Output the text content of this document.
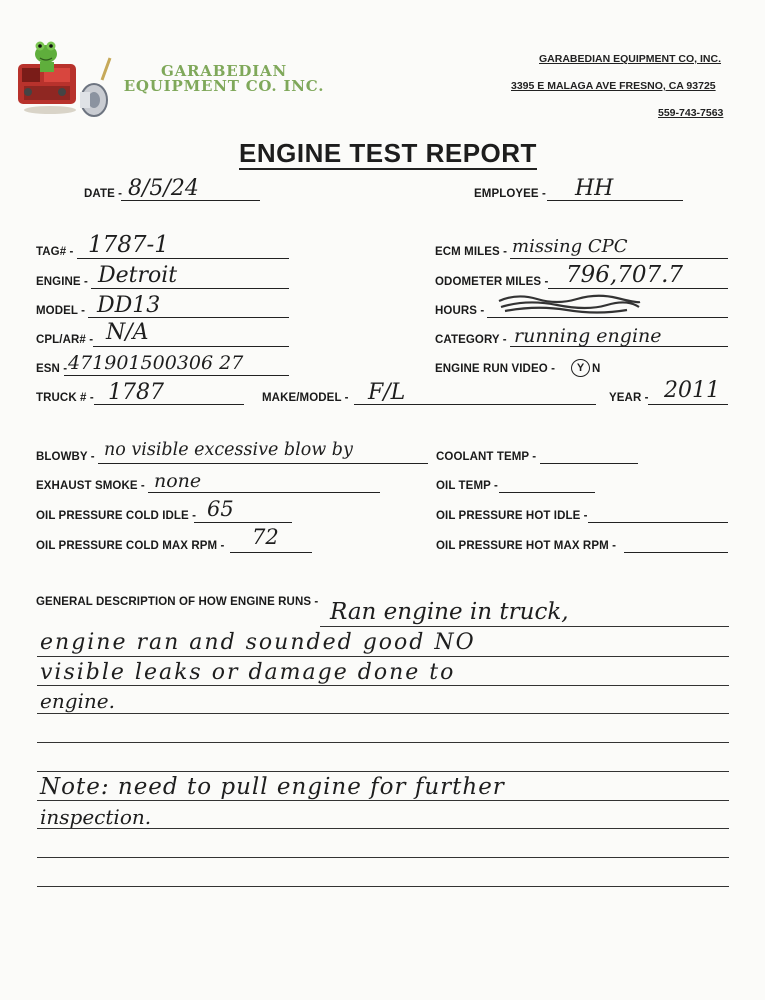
GARABEDIAN
EQUIPMENT CO. INC.
GARABEDIAN EQUIPMENT CO, INC.
3395 E MALAGA AVE FRESNO, CA 93725
559-743-7563
ENGINE TEST REPORT
DATE - 8/5/24	EMPLOYEE - HH
TAG# - 1787-1	ECM MILES - missing CPC
ENGINE - Detroit	ODOMETER MILES - 796,707.7
MODEL - DD13	HOURS -
CPL/AR# - N/A	CATEGORY - running engine
ESN - 471901500306 27	ENGINE RUN VIDEO -	Y N
TRUCK # - 1787	MAKE/MODEL - F/L	YEAR - 2011
BLOWBY - no visible excessive blow by	COOLANT TEMP -
EXHAUST SMOKE - none	OIL TEMP -
OIL PRESSURE COLD IDLE - 65	OIL PRESSURE HOT IDLE -
OIL PRESSURE COLD MAX RPM - 72	OIL PRESSURE HOT MAX RPM -
GENERAL DESCRIPTION OF HOW ENGINE RUNS - Ran engine in truck,
engine ran and sounded good NO
visible leaks or damage done to
engine.
Note: need to pull engine for further
inspection.
